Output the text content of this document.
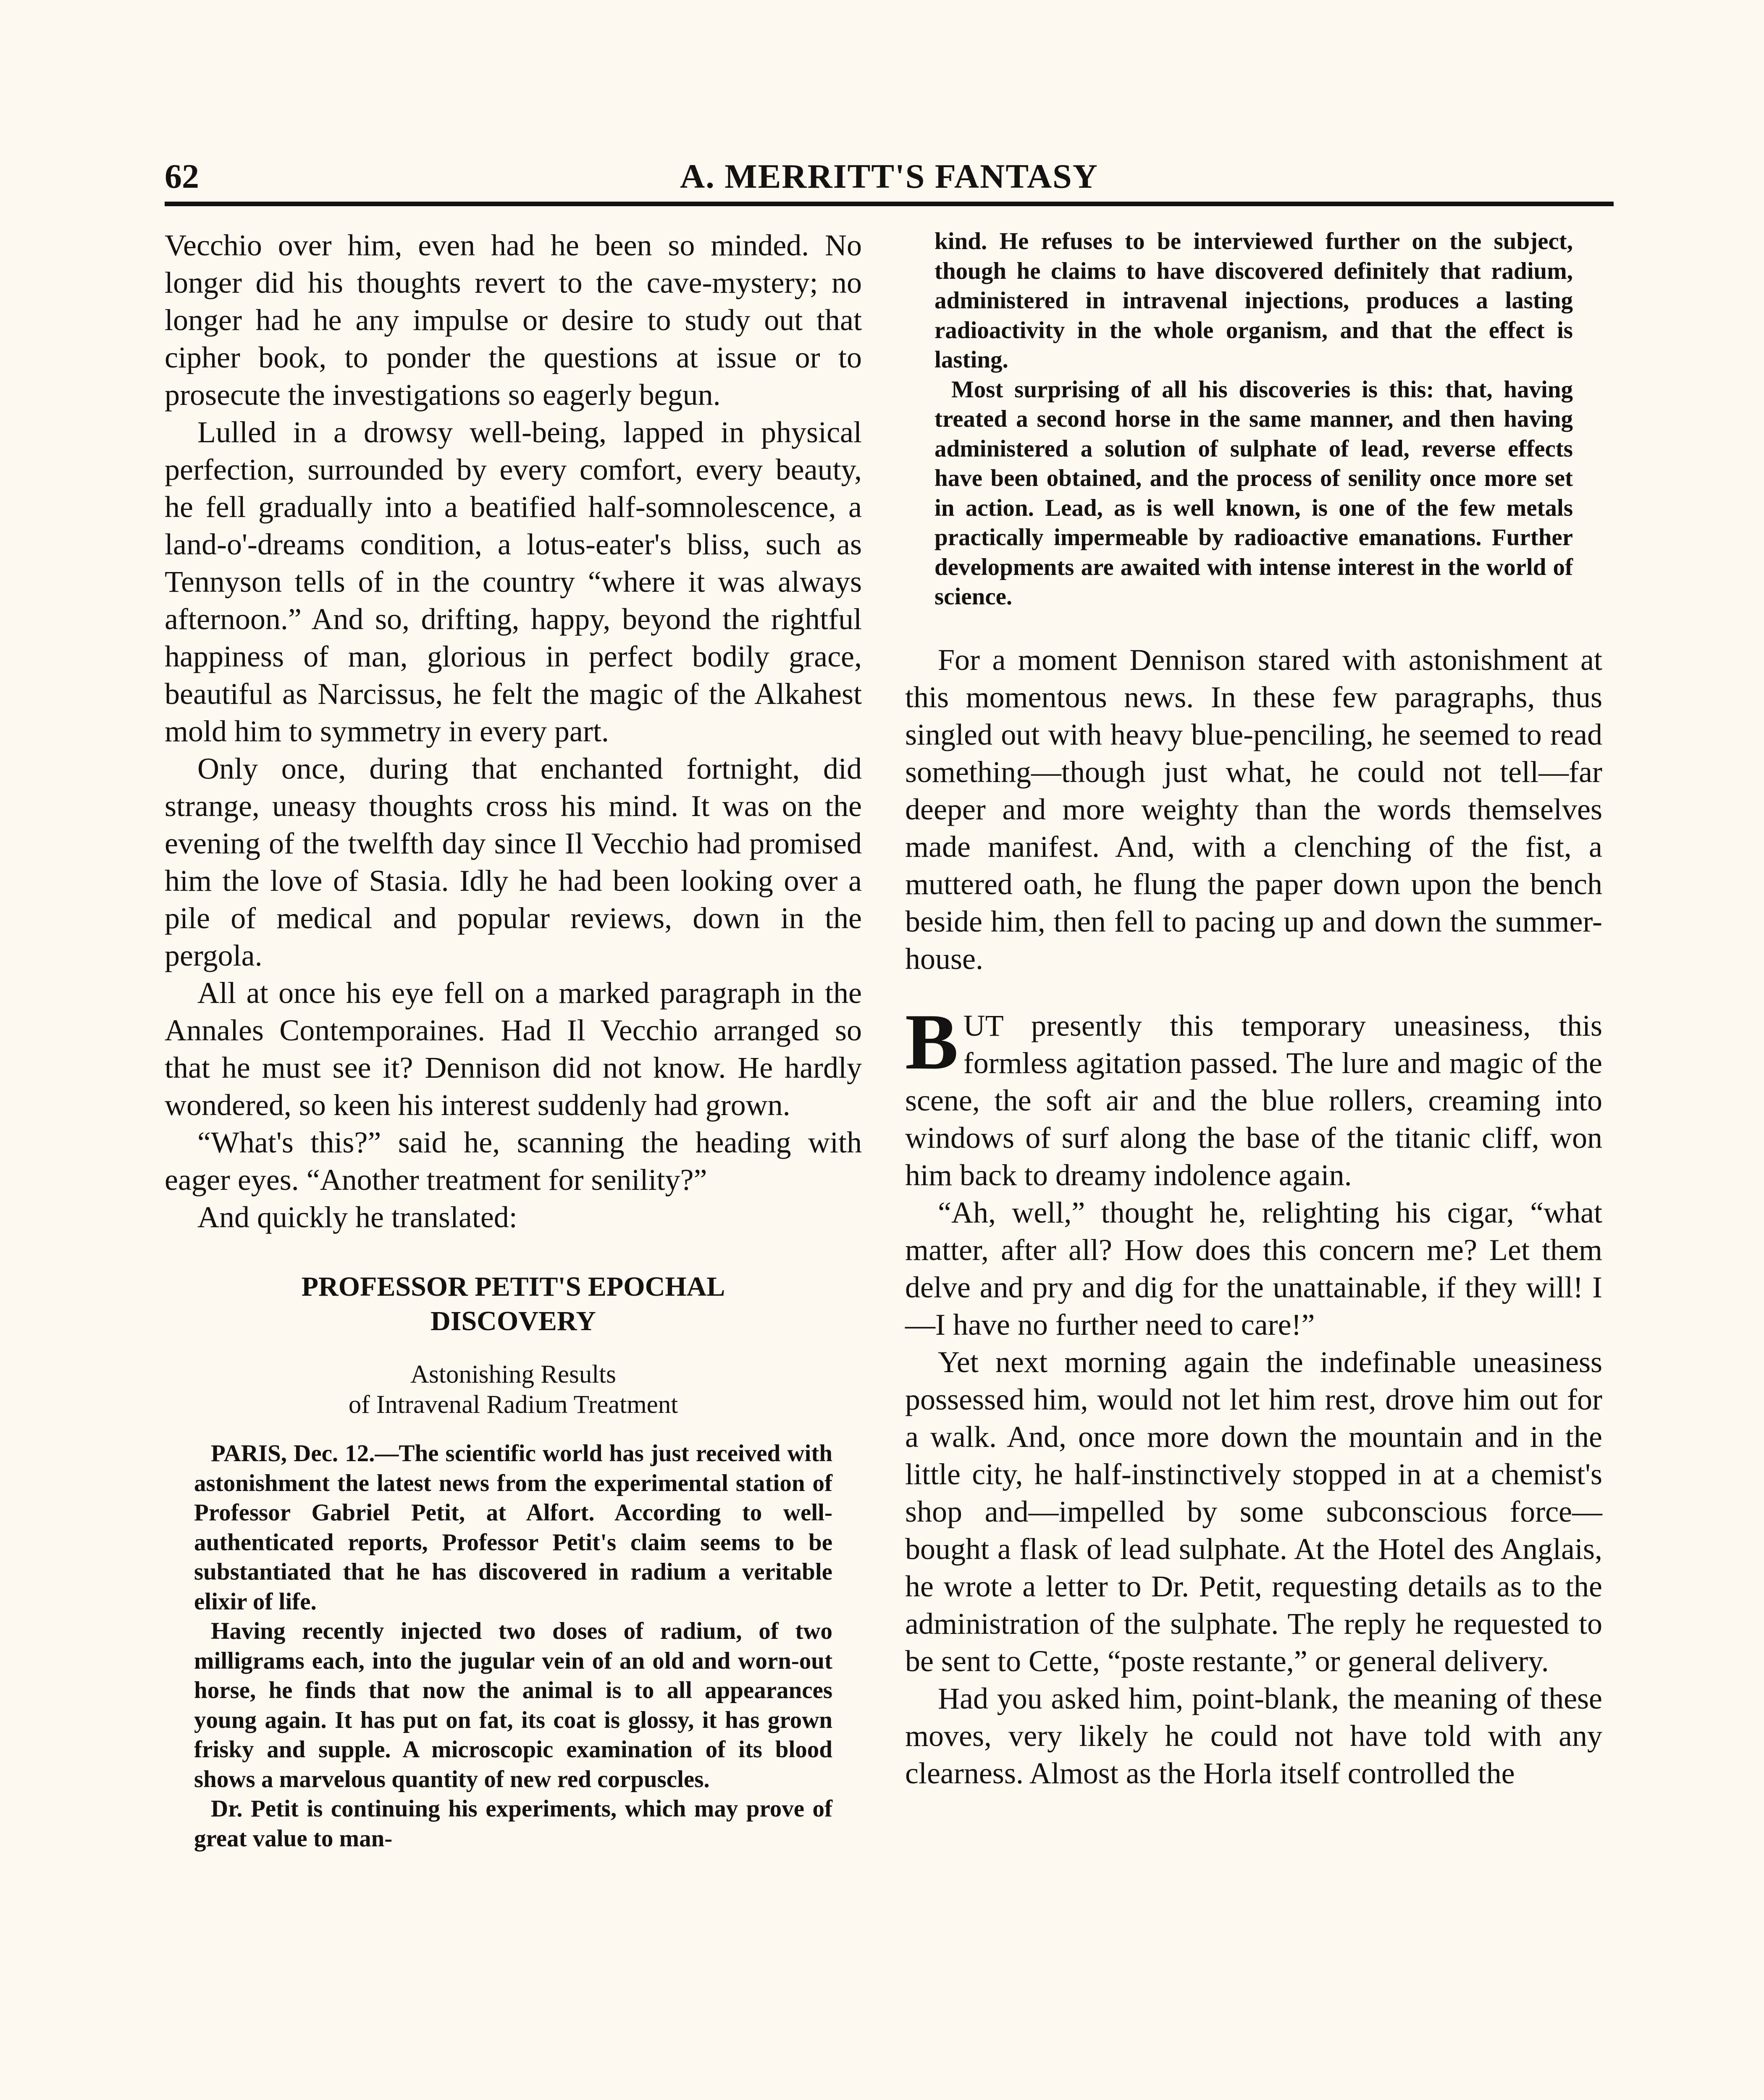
62	A. MERRITT'S FANTASY

Vecchio over him, even had he been so minded. No longer did his thoughts revert to the cave-mystery; no longer had he any impulse or desire to study out that cipher book, to ponder the questions at issue or to prosecute the investigations so eagerly begun.

Lulled in a drowsy well-being, lapped in physical perfection, surrounded by every comfort, every beauty, he fell gradually into a beatified half-somnolescence, a land-o'-dreams condition, a lotus-eater's bliss, such as Tennyson tells of in the country “where it was always afternoon.” And so, drifting, happy, beyond the rightful happiness of man, glorious in perfect bodily grace, beautiful as Narcissus, he felt the magic of the Alkahest mold him to symmetry in every part.

Only once, during that enchanted fortnight, did strange, uneasy thoughts cross his mind. It was on the evening of the twelfth day since Il Vecchio had promised him the love of Stasia. Idly he had been looking over a pile of medical and popular reviews, down in the pergola.

All at once his eye fell on a marked paragraph in the Annales Contemporaines. Had Il Vecchio arranged so that he must see it? Dennison did not know. He hardly wondered, so keen his interest suddenly had grown.

“What's this?” said he, scanning the heading with eager eyes. “Another treatment for senility?”

And quickly he translated:

PROFESSOR PETIT'S EPOCHAL
DISCOVERY
Astonishing Results
of Intravenal Radium Treatment

PARIS, Dec. 12.—The scientific world has just received with astonishment the latest news from the experimental station of Professor Gabriel Petit, at Alfort. According to well-authenticated reports, Professor Petit's claim seems to be substantiated that he has discovered in radium a veritable elixir of life.

Having recently injected two doses of radium, of two milligrams each, into the jugular vein of an old and worn-out horse, he finds that now the animal is to all appearances young again. It has put on fat, its coat is glossy, it has grown frisky and supple. A microscopic examination of its blood shows a marvelous quantity of new red corpuscles.

Dr. Petit is continuing his experiments, which may prove of great value to man-

kind. He refuses to be interviewed further on the subject, though he claims to have discovered definitely that radium, administered in intravenal injections, produces a lasting radioactivity in the whole organism, and that the effect is lasting.

Most surprising of all his discoveries is this: that, having treated a second horse in the same manner, and then having administered a solution of sulphate of lead, reverse effects have been obtained, and the process of senility once more set in action. Lead, as is well known, is one of the few metals practically impermeable by radioactive emanations. Further developments are awaited with intense interest in the world of science.

For a moment Dennison stared with astonishment at this momentous news. In these few paragraphs, thus singled out with heavy blue-penciling, he seemed to read something—though just what, he could not tell—far deeper and more weighty than the words themselves made manifest. And, with a clenching of the fist, a muttered oath, he flung the paper down upon the bench beside him, then fell to pacing up and down the summer-house.

BUT presently this temporary uneasiness, this formless agitation passed. The lure and magic of the scene, the soft air and the blue rollers, creaming into windows of surf along the base of the titanic cliff, won him back to dreamy indolence again.

“Ah, well,” thought he, relighting his cigar, “what matter, after all? How does this concern me? Let them delve and pry and dig for the unattainable, if they will! I—I have no further need to care!”

Yet next morning again the indefinable uneasiness possessed him, would not let him rest, drove him out for a walk. And, once more down the mountain and in the little city, he half-instinctively stopped in at a chemist's shop and—impelled by some subconscious force—bought a flask of lead sulphate. At the Hotel des Anglais, he wrote a letter to Dr. Petit, requesting details as to the administration of the sulphate. The reply he requested to be sent to Cette, “poste restante,” or general delivery.

Had you asked him, point-blank, the meaning of these moves, very likely he could not have told with any clearness. Almost as the Horla itself controlled the
